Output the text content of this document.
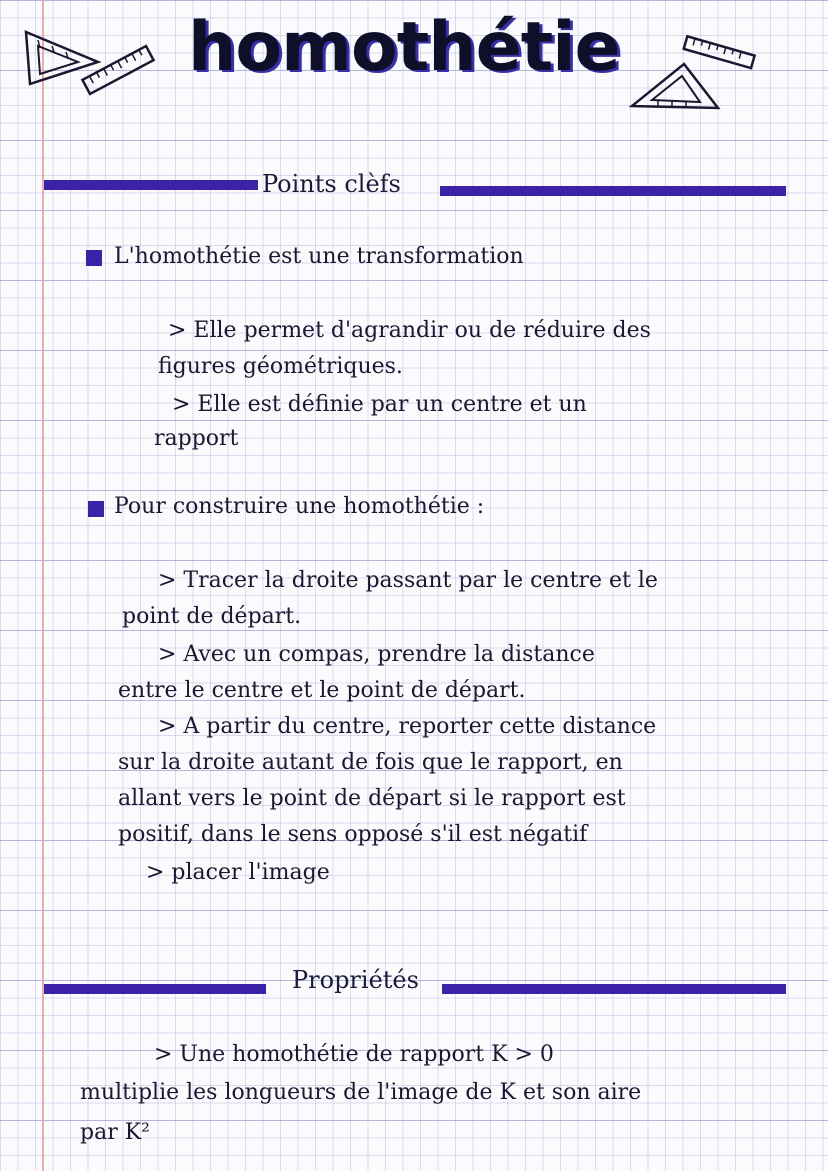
homothétie
Points clèfs
L'homothétie est une transformation
> Elle permet d'agrandir ou de réduire des
figures géométriques.
> Elle est définie par un centre et un
rapport
Pour construire une homothétie :
> Tracer la droite passant par le centre et le
point de départ.
> Avec un compas, prendre la distance
entre le centre et le point de départ.
> A partir du centre, reporter cette distance
sur la droite autant de fois que le rapport, en
allant vers le point de départ si le rapport est
positif, dans le sens opposé s'il est négatif
> placer l'image
Propriétés
> Une homothétie de rapport K > 0
multiplie les longueurs de l'image de K et son aire
par K²
